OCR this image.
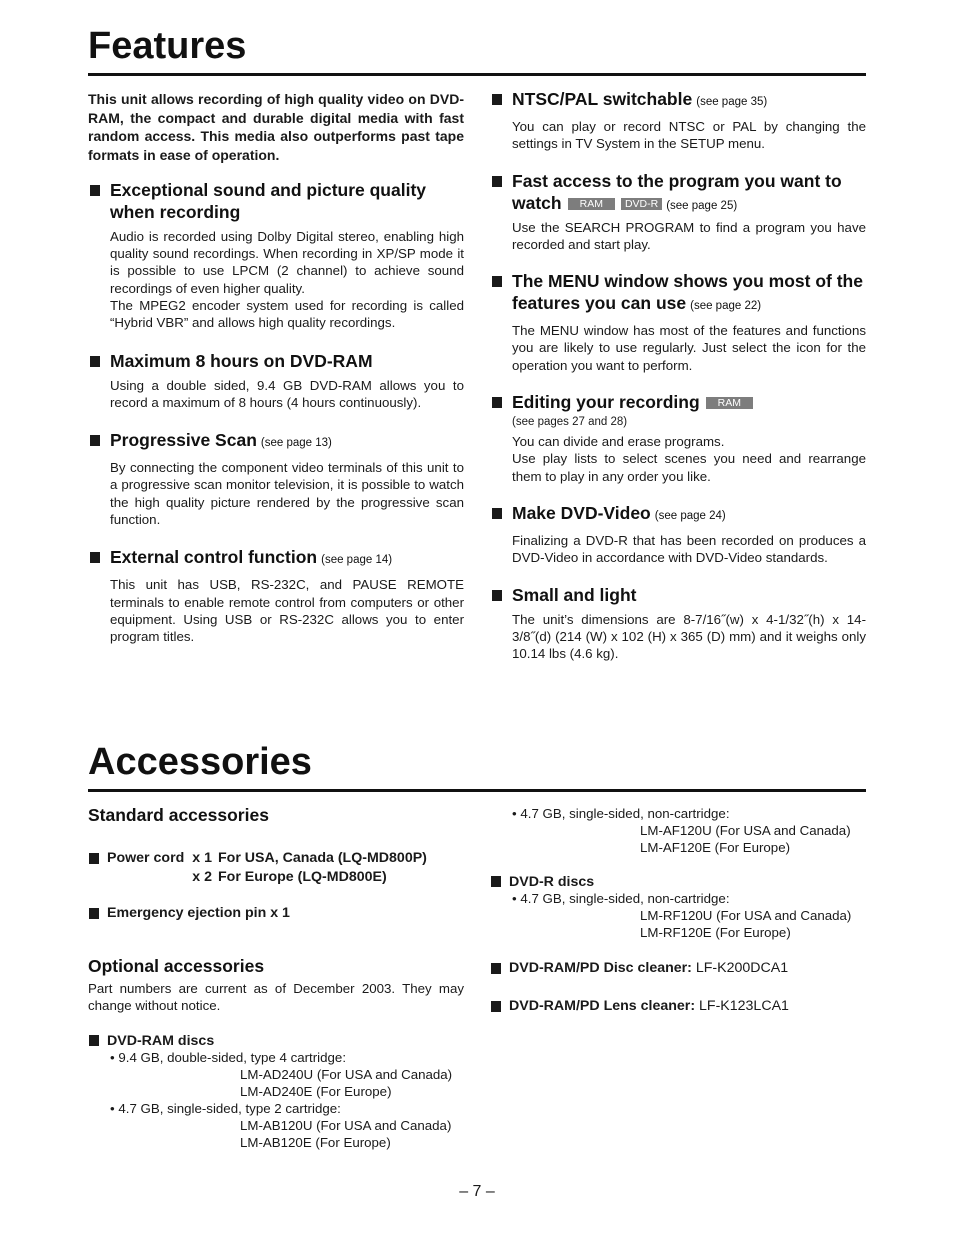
Features

This unit allows recording of high quality video on DVD-RAM, the compact and durable digital media with fast random access. This media also outperforms past tape formats in ease of operation.

Exceptional sound and picture quality when recording

Audio is recorded using Dolby Digital stereo, enabling high quality sound recordings. When recording in XP/SP mode it is possible to use LPCM (2 channel) to achieve sound recordings of even higher quality.

The MPEG2 encoder system used for recording is called “Hybrid VBR” and allows high quality recordings.

Maximum 8 hours on DVD-RAM

Using a double sided, 9.4 GB DVD-RAM allows you to record a maximum of 8 hours (4 hours continuously).

Progressive Scan (see page 13)

By connecting the component video terminals of this unit to a progressive scan monitor television, it is possible to watch the high quality picture rendered by the progressive scan function.

External control function (see page 14)

This unit has USB, RS-232C, and PAUSE REMOTE terminals to enable remote control from computers or other equipment. Using USB or RS-232C allows you to enter program titles.

NTSC/PAL switchable (see page 35)

You can play or record NTSC or PAL by changing the settings in TV System in the SETUP menu.

Fast access to the program you want to watch RAM DVD-R (see page 25)

Use the SEARCH PROGRAM to find a program you have recorded and start play.

The MENU window shows you most of the features you can use (see page 22)

The MENU window has most of the features and functions you are likely to use regularly. Just select the icon for the operation you want to perform.

Editing your recording RAM
(see pages 27 and 28)

You can divide and erase programs.

Use play lists to select scenes you need and rearrange them to play in any order you like.

Make DVD-Video (see page 24)

Finalizing a DVD-R that has been recorded on produces a DVD-Video in accordance with DVD-Video standards.

Small and light

The unit’s dimensions are 8-7/16˝(w) x 4-1/32˝(h) x 14-3/8˝(d) (214 (W) x 102 (H) x 365 (D) mm) and it weighs only 10.14 lbs (4.6 kg).

Accessories
Standard accessories
Power cord	x 1	For USA, Canada (LQ-MD800P)
	x 2	For Europe (LQ-MD800E)
Emergency ejection pin x 1
Optional accessories

Part numbers are current as of December 2003. They may change without notice.

DVD-RAM discs
• 9.4 GB, double-sided, type 4 cartridge:
LM-AD240U (For USA and Canada)
LM-AD240E (For Europe)
• 4.7 GB, single-sided, type 2 cartridge:
LM-AB120U (For USA and Canada)
LM-AB120E (For Europe)
• 4.7 GB, single-sided, non-cartridge:
LM-AF120U (For USA and Canada)
LM-AF120E (For Europe)
DVD-R discs
• 4.7 GB, single-sided, non-cartridge:
LM-RF120U (For USA and Canada)
LM-RF120E (For Europe)
DVD-RAM/PD Disc cleaner: LF-K200DCA1
DVD-RAM/PD Lens cleaner: LF-K123LCA1
– 7 –
